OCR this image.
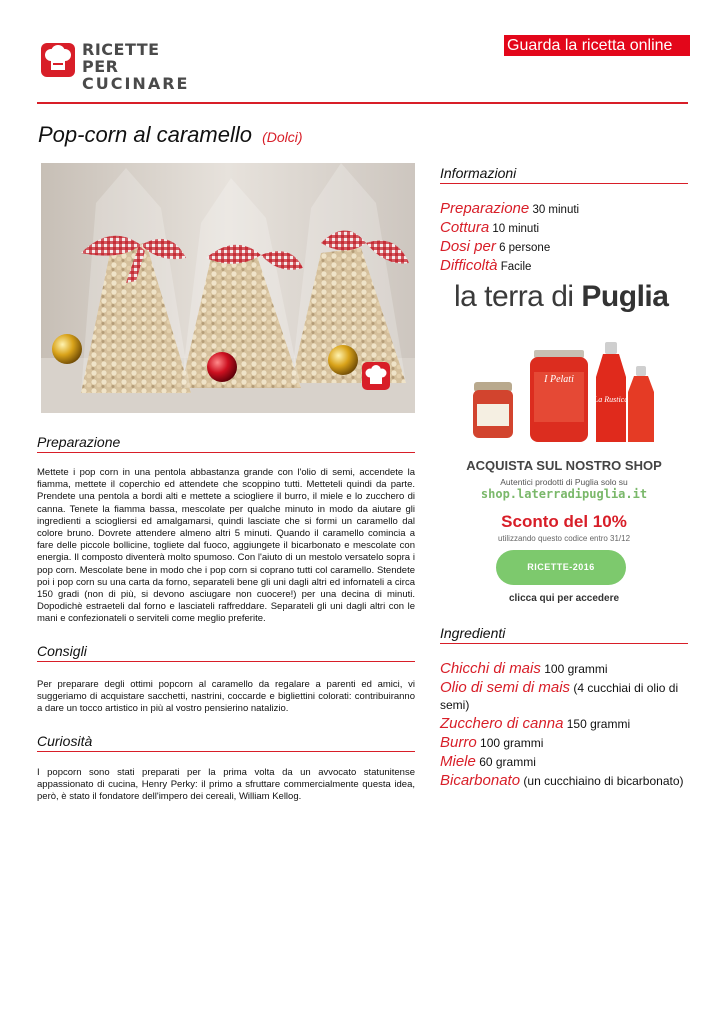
RICETTE PER
CUCINARE
Guarda la ricetta online
Pop-corn al caramello (Dolci)
Preparazione
Mettete i pop corn in una pentola abbastanza grande con l'olio di semi, accendete la fiamma, mettete il coperchio ed attendete che scoppino tutti. Metteteli quindi da parte. Prendete una pentola a bordi alti e mettete a sciogliere il burro, il miele e lo zucchero di canna. Tenete la fiamma bassa, mescolate per qualche minuto in modo da aiutare gli ingredienti a sciogliersi ed amalgamarsi, quindi lasciate che si formi un caramello dal colore bruno. Dovrete attendere almeno altri 5 minuti. Quando il caramello comincia a fare delle piccole bollicine, togliete dal fuoco, aggiungete il bicarbonato e mescolate con energia. Il composto diventerà molto spumoso. Con l'aiuto di un mestolo versatelo sopra i pop corn. Mescolate bene in modo che i pop corn si coprano tutti col caramello. Stendete poi i pop corn su una carta da forno, separateli bene gli uni dagli altri ed infornateli a circa 150 gradi (non di più, si devono asciugare non cuocere!) per una decina di minuti. Dopodichè estraeteli dal forno e lasciateli raffreddare. Separateli gli uni dagli altri con le mani e confezionateli o serviteli come meglio preferite.
Consigli
Per preparare degli ottimi popcorn al caramello da regalare a parenti ed amici, vi suggeriamo di acquistare sacchetti, nastrini, coccarde e bigliettini colorati: contribuiranno a dare un tocco artistico in più al vostro pensierino natalizio.
Curiosità
I popcorn sono stati preparati per la prima volta da un avvocato statunitense appassionato di cucina, Henry Perky: il primo a sfruttare commercialmente questa idea, però, è stato il fondatore dell'impero dei cereali, William Kellog.
Informazioni
Preparazione 30 minuti
Cottura 10 minuti
Dosi per 6 persone
Difficoltà Facile
la terra di Puglia
I Pelati
La Rustica
ACQUISTA SUL NOSTRO SHOP
Autentici prodotti di Puglia solo su
shop.laterradipuglia.it
Sconto del 10%
utilizzando questo codice entro 31/12
RICETTE-2016
clicca qui per accedere
Ingredienti
Chicchi di mais 100 grammi
Olio di semi di mais (4 cucchiai di olio di semi)
Zucchero di canna 150 grammi
Burro 100 grammi
Miele 60 grammi
Bicarbonato (un cucchiaino di bicarbonato)
